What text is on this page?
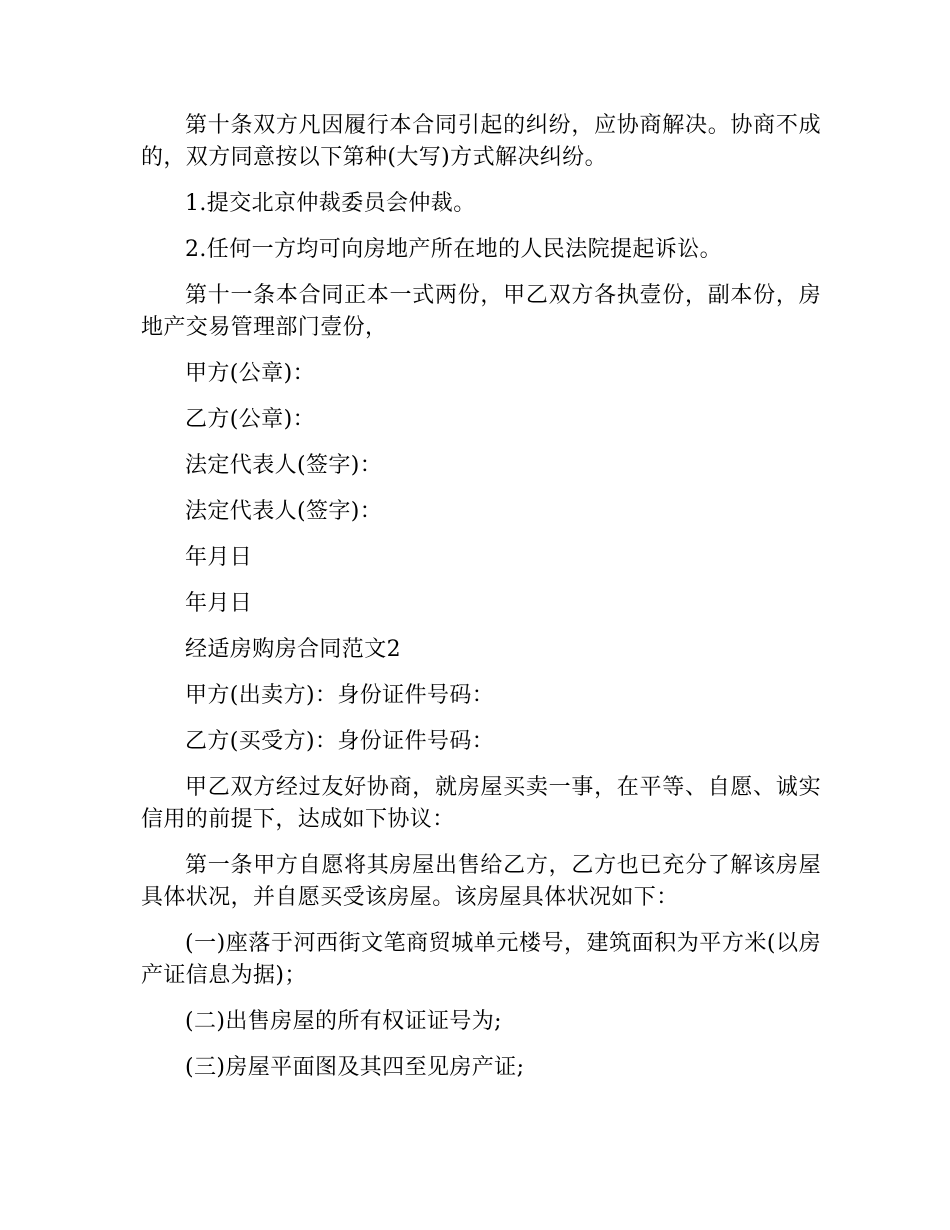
第十条双方凡因履行本合同引起的纠纷，应协商解决。协商不成的，双方同意按以下第种(大写)方式解决纠纷。

1.提交北京仲裁委员会仲裁。

2.任何一方均可向房地产所在地的人民法院提起诉讼。

第十一条本合同正本一式两份，甲乙双方各执壹份，副本份，房地产交易管理部门壹份，

甲方(公章)：

乙方(公章)：

法定代表人(签字)：

法定代表人(签字)：

年月日

年月日

经适房购房合同范文2

甲方(出卖方)：身份证件号码：

乙方(买受方)：身份证件号码：

甲乙双方经过友好协商，就房屋买卖一事，在平等、自愿、诚实信用的前提下，达成如下协议：

第一条甲方自愿将其房屋出售给乙方，乙方也已充分了解该房屋具体状况，并自愿买受该房屋。该房屋具体状况如下：

(一)座落于河西街文笔商贸城单元楼号，建筑面积为平方米(以房产证信息为据)；

(二)出售房屋的所有权证证号为;

(三)房屋平面图及其四至见房产证;
